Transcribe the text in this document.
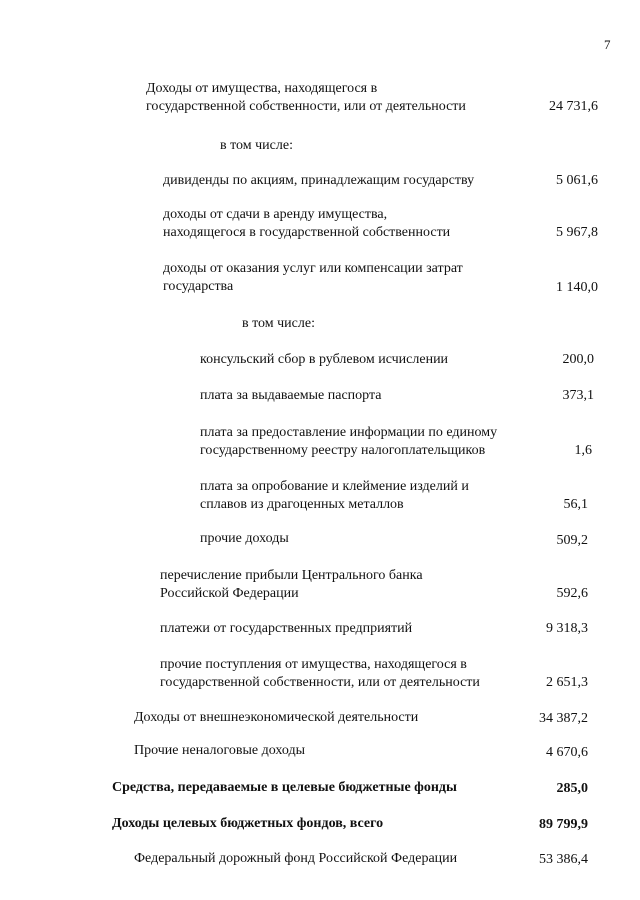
7
Доходы от имущества, находящегося в
государственной собственности, или от деятельности	24 731,6
в том числе:
дивиденды по акциям, принадлежащим государству	5 061,6
доходы от сдачи в аренду имущества,
находящегося в государственной собственности	5 967,8
доходы от оказания услуг или компенсации затрат
государства	1 140,0
в том числе:
консульский сбор в рублевом исчислении	200,0
плата за выдаваемые паспорта	373,1
плата за предоставление информации по единому
государственному реестру налогоплательщиков	1,6
плата за опробование и клеймение изделий и
сплавов из драгоценных металлов	56,1
прочие доходы	509,2
перечисление прибыли Центрального банка
Российской Федерации	592,6
платежи от государственных предприятий	9 318,3
прочие поступления от имущества, находящегося в
государственной собственности, или от деятельности	2 651,3
Доходы от внешнеэкономической деятельности	34 387,2
Прочие неналоговые доходы	4 670,6
Средства, передаваемые в целевые бюджетные фонды	285,0
Доходы целевых бюджетных фондов, всего	89 799,9
Федеральный дорожный фонд Российской Федерации	53 386,4
